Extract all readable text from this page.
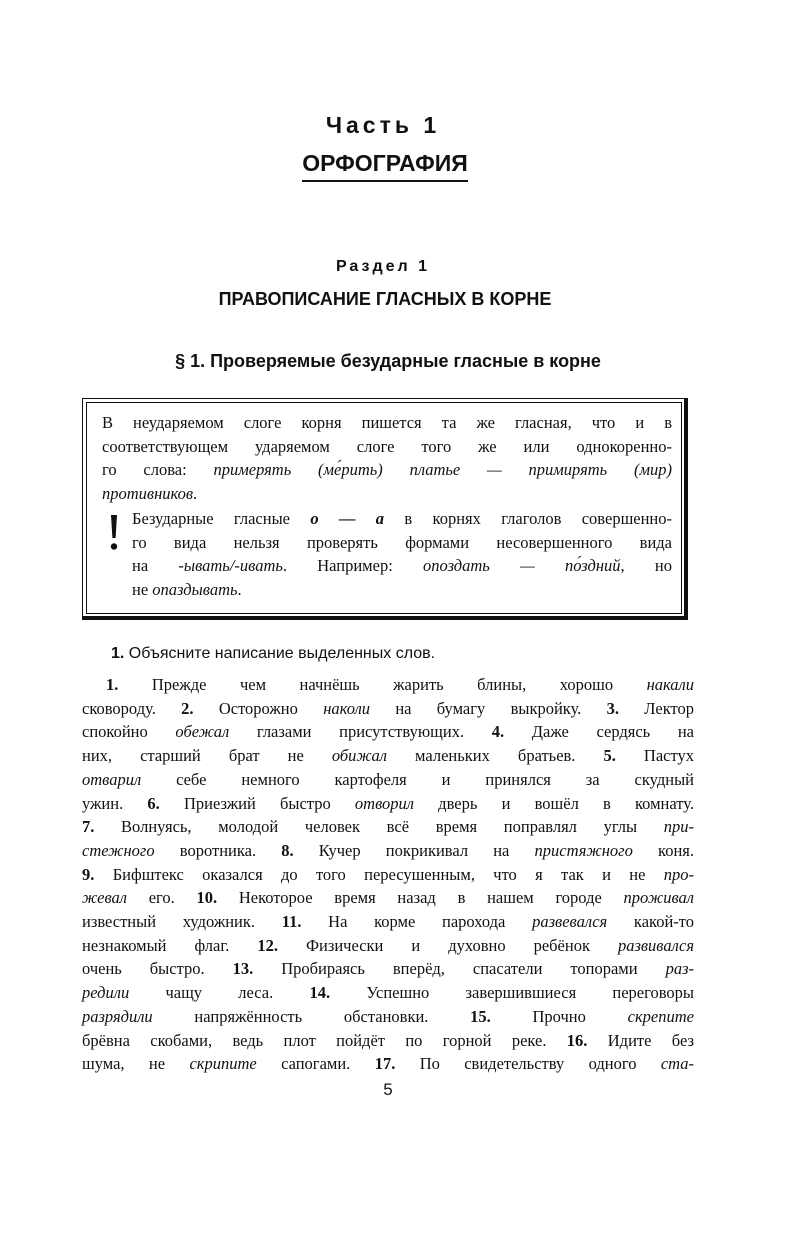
Часть 1
ОРФОГРАФИЯ
Раздел 1
ПРАВОПИСАНИЕ ГЛАСНЫХ В КОРНЕ
§ 1. Проверяемые безударные гласные в корне
В неударяемом слоге корня пишется та же гласная, что и в
соответствующем ударяемом слоге того же или однокоренно-
го слова: примерять (ме́рить) платье — примирять (мир)
противников.
Безударные гласные о — а в корнях глаголов совершенно-
го вида нельзя проверять формами несовершенного вида
на -ывать/-ивать. Например: опоздать — по́здний, но
не опаздывать.
1. Объясните написание выделенных слов.
1. Прежде чем начнёшь жарить блины, хорошо накали
сковороду. 2. Осторожно наколи на бумагу выкройку. 3. Лектор
спокойно обежал глазами присутствующих. 4. Даже сердясь на
них, старший брат не обижал маленьких братьев. 5. Пастух
отварил себе немного картофеля и принялся за скудный
ужин. 6. Приезжий быстро отворил дверь и вошёл в комнату.
7. Волнуясь, молодой человек всё время поправлял углы при-
стежного воротника. 8. Кучер покрикивал на пристяжного коня.
9. Бифштекс оказался до того пересушенным, что я так и не про-
жевал его. 10. Некоторое время назад в нашем городе проживал
известный художник. 11. На корме парохода развевался какой-то
незнакомый флаг. 12. Физически и духовно ребёнок развивался
очень быстро. 13. Пробираясь вперёд, спасатели топорами раз-
редили чащу леса. 14. Успешно завершившиеся переговоры
разрядили напряжённость обстановки. 15. Прочно скрепите
брёвна скобами, ведь плот пойдёт по горной реке. 16. Идите без
шума, не скрипите сапогами. 17. По свидетельству одного ста-
5
